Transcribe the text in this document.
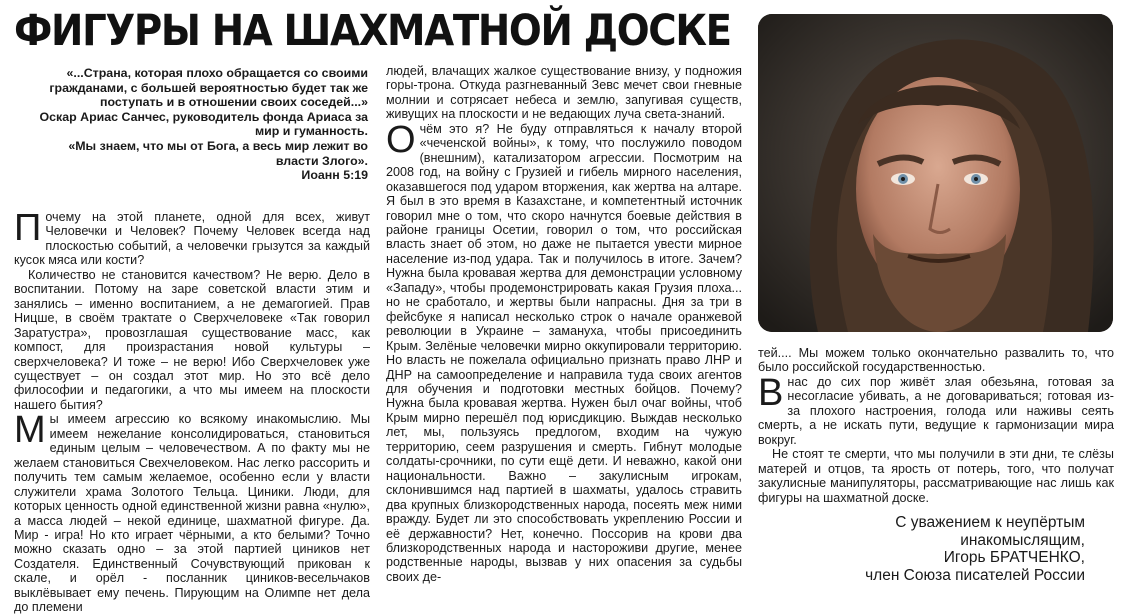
ФИГУРЫ НА ШАХМАТНОЙ ДОСКЕ

«...Страна, которая плохо обращается со своими гражданами, с большей вероятностью будет так же поступать и в отношении своих соседей...»

Оскар Ариас Санчес, руководитель фонда Ариаса за мир и гуманность.

«Мы знаем, что мы от Бога, а весь мир лежит во власти Злого».

Иоанн 5:19

Почему на этой планете, одной для всех, живут Человечки и Человек? Почему Человек всегда над плоскостью событий, а человечки грызутся за каждый кусок мяса или кости?

Количество не становится качеством? Не верю. Дело в воспитании. Потому на заре советской власти этим и занялись – именно воспитанием, а не демагогией. Прав Ницше, в своём трактате о Сверхчеловеке «Так говорил Заратустра», провозглашая существование масс, как компост, для произрастания новой культуры – сверхчеловека? И тоже – не верю! Ибо Сверхчеловек уже существует – он создал этот мир. Но это всё дело философии и педагогики, а что мы имеем на плоскости нашего бытия?

Мы имеем агрессию ко всякому инакомыслию. Мы имеем нежелание консолидироваться, становиться единым целым – человечеством. А по факту мы не желаем становиться Свехчеловеком. Нас легко рассорить и получить тем самым желаемое, особенно если у власти служители храма Золотого Тельца. Циники. Люди, для которых ценность одной единственной жизни равна «нулю», а масса людей – некой единице, шахматной фигуре. Да. Мир - игра! Но кто играет чёрными, а кто белыми? Точно можно сказать одно – за этой партией циников нет Создателя. Единственный Сочувствующий прикован к скале, и орёл - посланник циников-весельчаков выклёвывает ему печень. Пирующим на Олимпе нет дела до племени

людей, влачащих жалкое существование внизу, у подножия горы-трона. Откуда разгневанный Зевс мечет свои гневные молнии и сотрясает небеса и землю, запугивая существ, живущих на плоскости и не ведающих луча света-знаний.

О чём это я? Не буду отправляться к началу второй «чеченской войны», к тому, что послужило поводом (внешним), катализатором агрессии. Посмотрим на 2008 год, на войну с Грузией и гибель мирного населения, оказавшегося под ударом вторжения, как жертва на алтаре. Я был в это время в Казахстане, и компетентный источник говорил мне о том, что скоро начнутся боевые действия в районе границы Осетии, говорил о том, что российская власть знает об этом, но даже не пытается увести мирное население из-под удара. Так и получилось в итоге. Зачем? Нужна была кровавая жертва для демонстрации условному «Западу», чтобы продемонстрировать какая Грузия плоха... но не сработало, и жертвы были напрасны. Дня за три в фейсбуке я написал несколько строк о начале оранжевой революции в Украине – замануха, чтобы присоединить Крым. Зелёные человечки мирно оккупировали территорию. Но власть не пожелала официально признать право ЛНР и ДНР на самоопределение и направила туда своих агентов для обучения и подготовки местных бойцов. Почему? Нужна была кровавая жертва. Нужен был очаг войны, чтоб Крым мирно перешёл под юрисдикцию. Выждав несколько лет, мы, пользуясь предлогом, входим на чужую территорию, сеем разрушения и смерть. Гибнут молодые солдаты-срочники, по сути ещё дети. И неважно, какой они национальности. Важно – закулисным игрокам, склонившимся над партией в шахматы, удалось стравить два крупных близкородственных народа, посеять меж ними вражду. Будет ли это способствовать укреплению России и её державности? Нет, конечно. Поссорив на крови два близкородственных народа и настороживи другие, менее родственные народы, вызвав у них опасения за судьбы своих де-

тей.... Мы можем только окончательно развалить то, что было российской государственностью.

В нас до сих пор живёт злая обезьяна, готовая за несогласие убивать, а не договариваться; готовая из-за плохого настроения, голода или наживы сеять смерть, а не искать пути, ведущие к гармонизации мира вокруг.

Не стоят те смерти, что мы получили в эти дни, те слёзы матерей и отцов, та ярость от потерь, того, что получат закулисные манипуляторы, рассматривающие нас лишь как фигуры на шахматной доске.

С уважением к неупёртым
инакомыслящим,
Игорь БРАТЧЕНКО,
член Союза писателей России
